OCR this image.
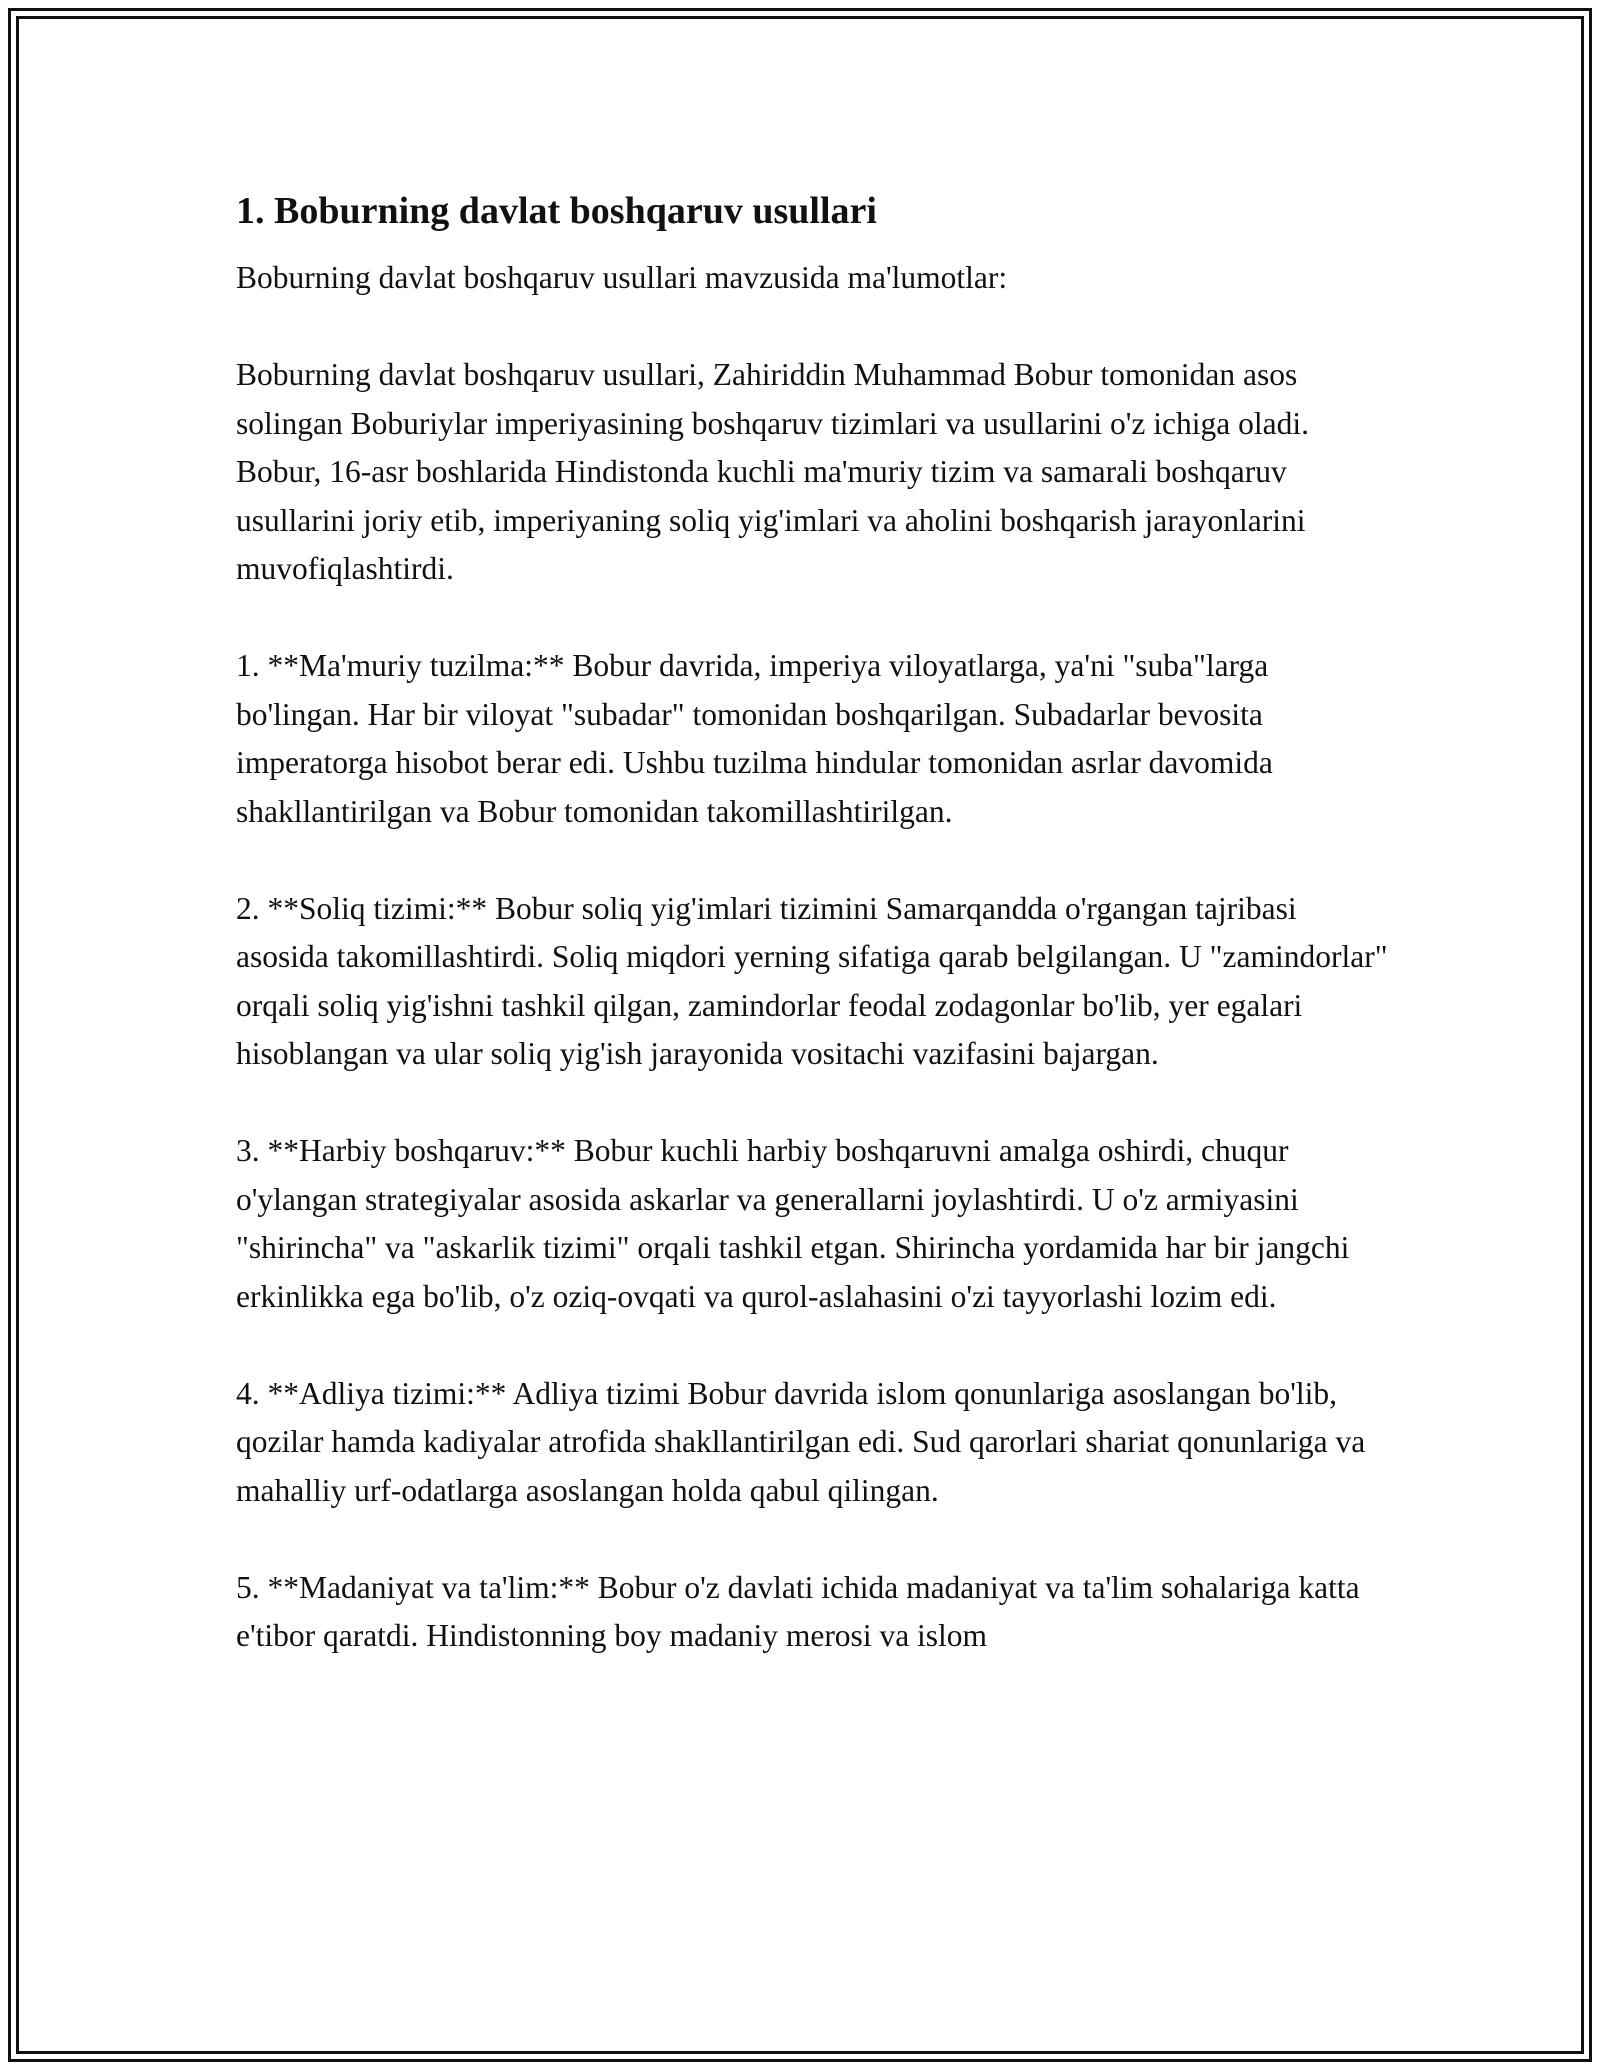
1. Boburning davlat boshqaruv usullari

Boburning davlat boshqaruv usullari mavzusida ma'lumotlar:

Boburning davlat boshqaruv usullari, Zahiriddin Muhammad Bobur tomonidan asos solingan Boburiylar imperiyasining boshqaruv tizimlari va usullarini o'z ichiga oladi. Bobur, 16-asr boshlarida Hindistonda kuchli ma'muriy tizim va samarali boshqaruv usullarini joriy etib, imperiyaning soliq yig'imlari va aholini boshqarish jarayonlarini muvofiqlashtirdi.

1. **Ma'muriy tuzilma:** Bobur davrida, imperiya viloyatlarga, ya'ni "suba"larga bo'lingan. Har bir viloyat "subadar" tomonidan boshqarilgan. Subadarlar bevosita imperatorga hisobot berar edi. Ushbu tuzilma hindular tomonidan asrlar davomida shakllantirilgan va Bobur tomonidan takomillashtirilgan.

2. **Soliq tizimi:** Bobur soliq yig'imlari tizimini Samarqandda o'rgangan tajribasi asosida takomillashtirdi. Soliq miqdori yerning sifatiga qarab belgilangan. U "zamindorlar" orqali soliq yig'ishni tashkil qilgan, zamindorlar feodal zodagonlar bo'lib, yer egalari hisoblangan va ular soliq yig'ish jarayonida vositachi vazifasini bajargan.

3. **Harbiy boshqaruv:** Bobur kuchli harbiy boshqaruvni amalga oshirdi, chuqur o'ylangan strategiyalar asosida askarlar va generallarni joylashtirdi. U o'z armiyasini "shirincha" va "askarlik tizimi" orqali tashkil etgan. Shirincha yordamida har bir jangchi erkinlikka ega bo'lib, o'z oziq-ovqati va qurol-aslahasini o'zi tayyorlashi lozim edi.

4. **Adliya tizimi:** Adliya tizimi Bobur davrida islom qonunlariga asoslangan bo'lib, qozilar hamda kadiyalar atrofida shakllantirilgan edi. Sud qarorlari shariat qonunlariga va mahalliy urf-odatlarga asoslangan holda qabul qilingan.

5. **Madaniyat va ta'lim:** Bobur o'z davlati ichida madaniyat va ta'lim sohalariga katta e'tibor qaratdi. Hindistonning boy madaniy merosi va islom
